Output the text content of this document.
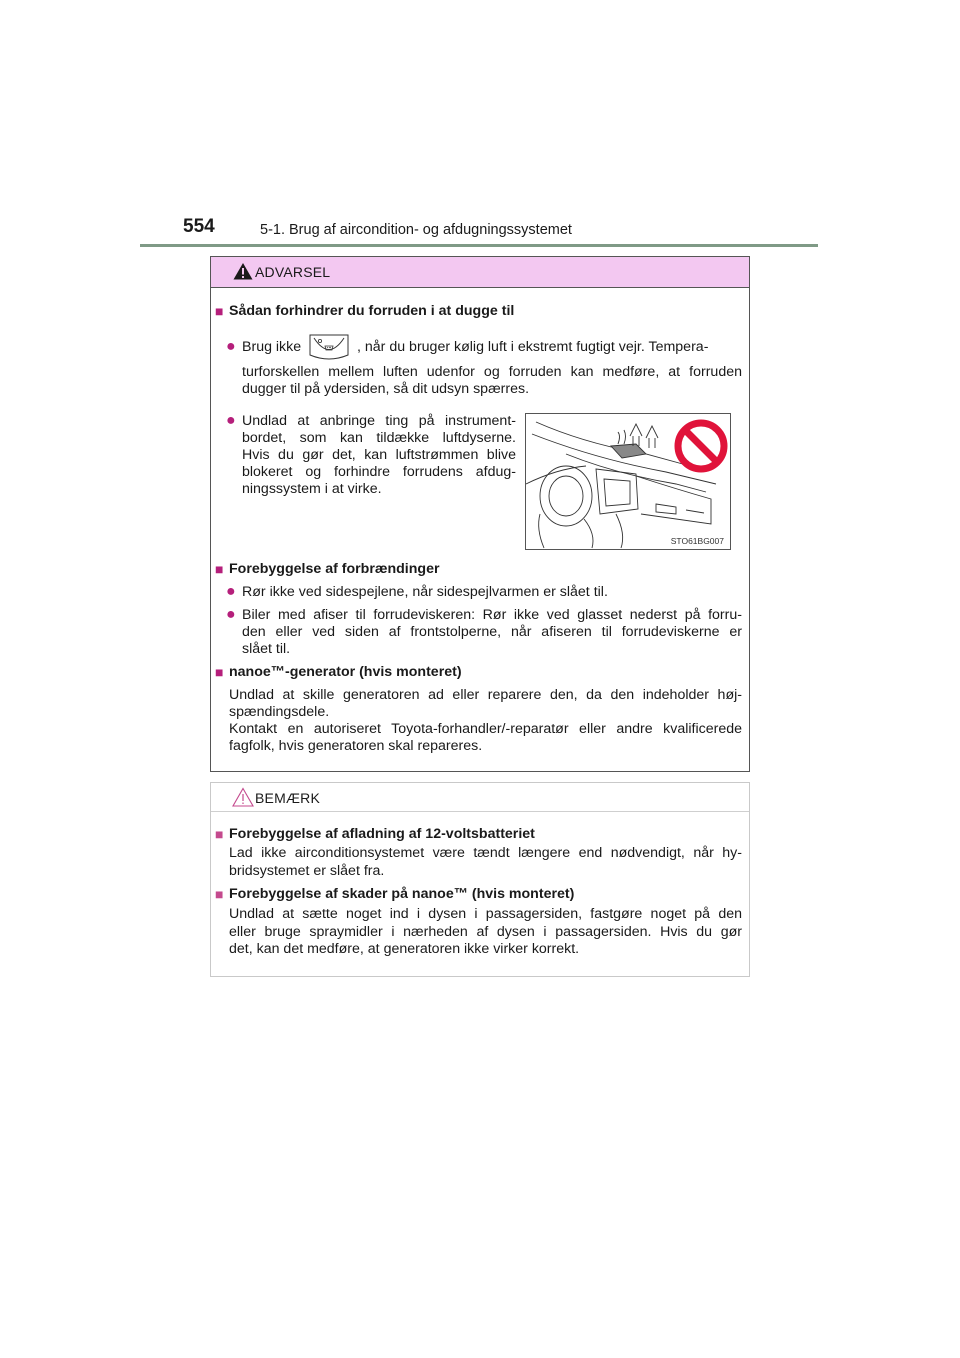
554	5-1. Brug af aircondition- og afdugningssystemet
ADVARSEL
■ Sådan forhindrer du forruden i at dugge til
● Brug ikke	, når du bruger kølig luft i ekstremt fugtigt vejr. Tempera-
turforskellen mellem luften udenfor og forruden kan medføre, at forruden
dugger til på ydersiden, så dit udsyn spærres.
● Undlad at anbringe ting på instrument-
bordet, som kan tildække luftdyserne.
Hvis du gør det, kan luftstrømmen blive
blokeret og forhindre forrudens afdug-
ningssystem i at virke.
STO61BG007
■ Forebyggelse af forbrændinger
● Rør ikke ved sidespejlene, når sidespejlvarmen er slået til.
● Biler med afiser til forrudeviskeren: Rør ikke ved glasset nederst på forru-
den eller ved siden af frontstolperne, når afiseren til forrudeviskerne er
slået til.
■ nanoe™-generator (hvis monteret)
Undlad at skille generatoren ad eller reparere den, da den indeholder høj-
spændingsdele.
Kontakt en autoriseret Toyota-forhandler/-reparatør eller andre kvalificerede
fagfolk, hvis generatoren skal repareres.
BEMÆRK
■ Forebyggelse af afladning af 12-voltsbatteriet
Lad ikke airconditionsystemet være tændt længere end nødvendigt, når hy-
bridsystemet er slået fra.
■ Forebyggelse af skader på nanoe™ (hvis monteret)
Undlad at sætte noget ind i dysen i passagersiden, fastgøre noget på den
eller bruge spraymidler i nærheden af dysen i passagersiden. Hvis du gør
det, kan det medføre, at generatoren ikke virker korrekt.
